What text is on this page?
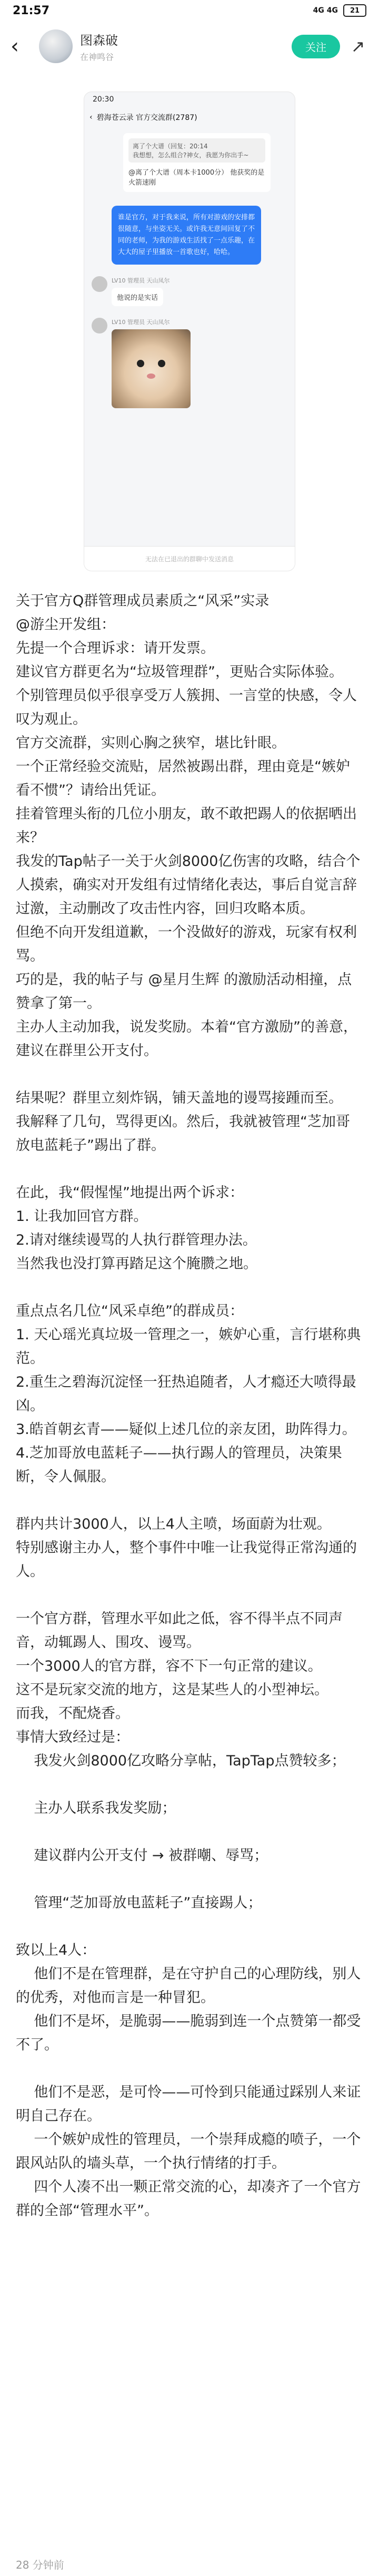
21:57	4G 4G	21
‹	图森破
在神鸣谷
关注	↗
20:30
‹ 碧海苍云录 官方交流群(2787)
离了个大谱（回复：20:14
我想想，怎么组合?神女，我愿为你出手~
@离了个大谱（周本卡1000分） 他获奖的是火箭速刚
谁是官方，对于我来说，所有对游戏的安排都很随意，与坐姿无关。或许我无意间回复了不同的老师，为我的游戏生活找了一点乐趣，在大大的屋子里播放一首歌也好，哈哈。
LV10 管理员 天山凤尔
他说的是实话
LV10 管理员 天山凤尔
无法在已退出的群聊中发送消息

关于官方Q群管理成员素质之“风采”实录

@游尘开发组：

先提一个合理诉求：请开发票。

建议官方群更名为“垃圾管理群”，更贴合实际体验。

个别管理员似乎很享受万人簇拥、一言堂的快感，令人叹为观止。

官方交流群，实则心胸之狭窄，堪比针眼。

一个正常经验交流贴，居然被踢出群，理由竟是“嫉妒看不惯”？请给出凭证。

挂着管理头衔的几位小朋友，敢不敢把踢人的依据晒出来？

我发的Tap帖子一关于火剑8000亿伤害的攻略，结合个人摸索，确实对开发组有过情绪化表达，事后自觉言辞过激，主动删改了攻击性内容，回归攻略本质。

但绝不向开发组道歉，一个没做好的游戏，玩家有权利骂。

巧的是，我的帖子与 @星月生辉 的激励活动相撞，点赞拿了第一。

主办人主动加我，说发奖励。本着“官方激励”的善意，建议在群里公开支付。

结果呢？群里立刻炸锅，铺天盖地的谩骂接踵而至。

我解释了几句，骂得更凶。然后，我就被管理“芝加哥放电蓝耗子”踢出了群。

在此，我“假惺惺”地提出两个诉求：

1. 让我加回官方群。

2.请对继续谩骂的人执行群管理办法。

当然我也没打算再踏足这个腌臜之地。

重点点名几位“风采卓绝”的群成员：

1. 天心瑶光真垃圾一管理之一，嫉妒心重，言行堪称典范。

2.重生之碧海沉淀怪一狂热追随者，人才瘾还大喷得最凶。

3.皓首朝玄青——疑似上述几位的亲友团，助阵得力。

4.芝加哥放电蓝耗子——执行踢人的管理员，决策果断，令人佩服。

群内共计3000人，以上4人主喷，场面蔚为壮观。

特别感谢主办人，整个事件中唯一让我觉得正常沟通的人。

一个官方群，管理水平如此之低，容不得半点不同声音，动辄踢人、围攻、谩骂。

一个3000人的官方群，容不下一句正常的建议。

这不是玩家交流的地方，这是某些人的小型神坛。

而我，不配烧香。

事情大致经过是：

我发火剑8000亿攻略分享帖，TapTap点赞较多；

主办人联系我发奖励；

建议群内公开支付 → 被群嘲、辱骂；

管理“芝加哥放电蓝耗子”直接踢人；

致以上4人：

他们不是在管理群，是在守护自己的心理防线，别人的优秀，对他而言是一种冒犯。

他们不是坏，是脆弱——脆弱到连一个点赞第一都受不了。

他们不是恶，是可怜——可怜到只能通过踩别人来证明自己存在。

一个嫉妒成性的管理员，一个崇拜成瘾的喷子，一个跟风站队的墙头草，一个执行情绪的打手。

四个人凑不出一颗正常交流的心，却凑齐了一个官方群的全部“管理水平”。

28 分钟前
